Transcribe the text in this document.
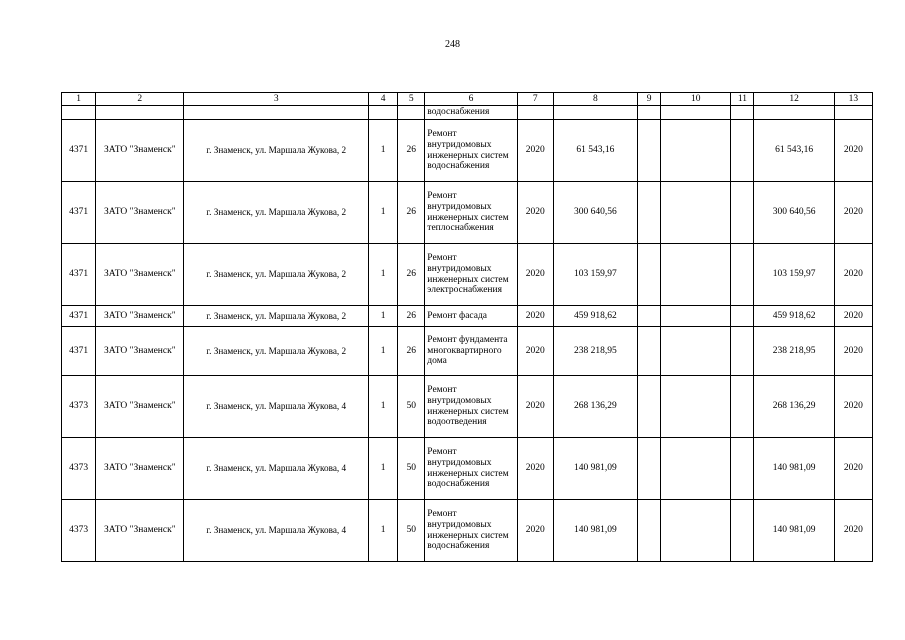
248
1	2	3	4	5	6	7	8	9	10	11	12	13
					водоснабжения							
4371	ЗАТО "Знаменск"	г. Знаменск, ул. Маршала Жукова, 2	1	26	Ремонт внутридомовых инженерных систем водоснабжения	2020	61 543,16				61 543,16	2020
4371	ЗАТО "Знаменск"	г. Знаменск, ул. Маршала Жукова, 2	1	26	Ремонт внутридомовых инженерных систем теплоснабжения	2020	300 640,56				300 640,56	2020
4371	ЗАТО "Знаменск"	г. Знаменск, ул. Маршала Жукова, 2	1	26	Ремонт внутридомовых инженерных систем электроснабжения	2020	103 159,97				103 159,97	2020
4371	ЗАТО "Знаменск"	г. Знаменск, ул. Маршала Жукова, 2	1	26	Ремонт фасада	2020	459 918,62				459 918,62	2020
4371	ЗАТО "Знаменск"	г. Знаменск, ул. Маршала Жукова, 2	1	26	Ремонт фундамента многоквартирного дома	2020	238 218,95				238 218,95	2020
4373	ЗАТО "Знаменск"	г. Знаменск, ул. Маршала Жукова, 4	1	50	Ремонт внутридомовых инженерных систем водоотведения	2020	268 136,29				268 136,29	2020
4373	ЗАТО "Знаменск"	г. Знаменск, ул. Маршала Жукова, 4	1	50	Ремонт внутридомовых инженерных систем водоснабжения	2020	140 981,09				140 981,09	2020
4373	ЗАТО "Знаменск"	г. Знаменск, ул. Маршала Жукова, 4	1	50	Ремонт внутридомовых инженерных систем водоснабжения	2020	140 981,09				140 981,09	2020
